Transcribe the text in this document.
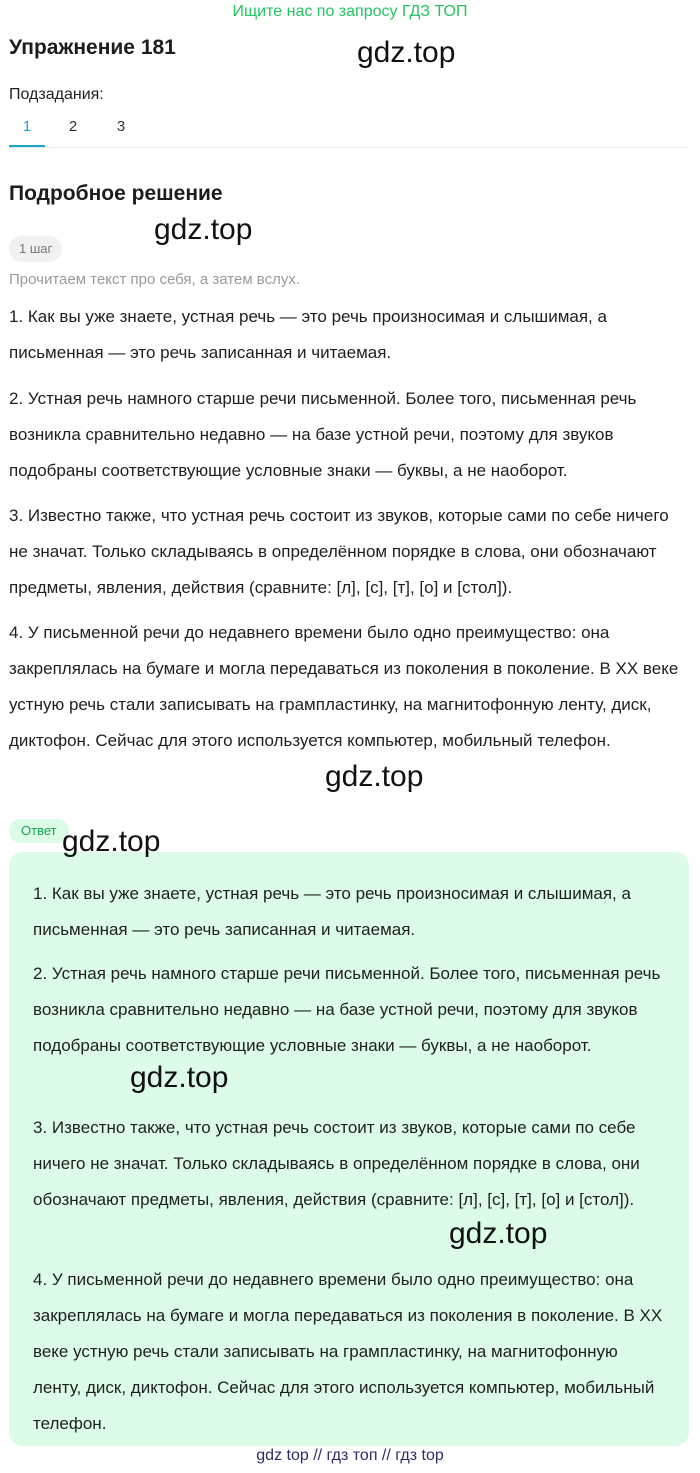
Ищите нас по запросу ГДЗ ТОП
Упражнение 181	gdz.top
Подзадания:
1	2	3
Подробное решение
gdz.top
1 шаг
Прочитаем текст про себя, а затем вслух.

1. Как вы уже знаете, устная речь — это речь произносимая и слышимая, а письменная — это речь записанная и читаемая.

2. Устная речь намного старше речи письменной. Более того, письменная речь возникла сравнительно недавно — на базе устной речи, поэтому для звуков подобраны соответствующие условные знаки — буквы, а не наоборот.

3. Известно также, что устная речь состоит из звуков, которые сами по себе ничего не значат. Только складываясь в определённом порядке в слова, они обозначают предметы, явления, действия (сравните: [л], [с], [т], [о] и [стол]).

4. У письменной речи до недавнего времени было одно преимущество: она закреплялась на бумаге и могла передаваться из поколения в поколение. В XX веке устную речь стали записывать на грампластинку, на магнитофонную ленту, диск, диктофон. Сейчас для этого используется компьютер, мобильный телефон.

gdz.top

1. Как вы уже знаете, устная речь — это речь произносимая и слышимая, а письменная — это речь записанная и читаемая.

2. Устная речь намного старше речи письменной. Более того, письменная речь возникла сравнительно недавно — на базе устной речи, поэтому для звуков подобраны соответствующие условные знаки — буквы, а не наоборот.

3. Известно также, что устная речь состоит из звуков, которые сами по себе ничего не значат. Только складываясь в определённом порядке в слова, они обозначают предметы, явления, действия (сравните: [л], [с], [т], [о] и [стол]).

4. У письменной речи до недавнего времени было одно преимущество: она закреплялась на бумаге и могла передаваться из поколения в поколение. В XX веке устную речь стали записывать на грампластинку, на магнитофонную ленту, диск, диктофон. Сейчас для этого используется компьютер, мобильный телефон.

Ответ gdz.top
gdz.top
gdz.top
gdz top // гдз топ // гдз top
